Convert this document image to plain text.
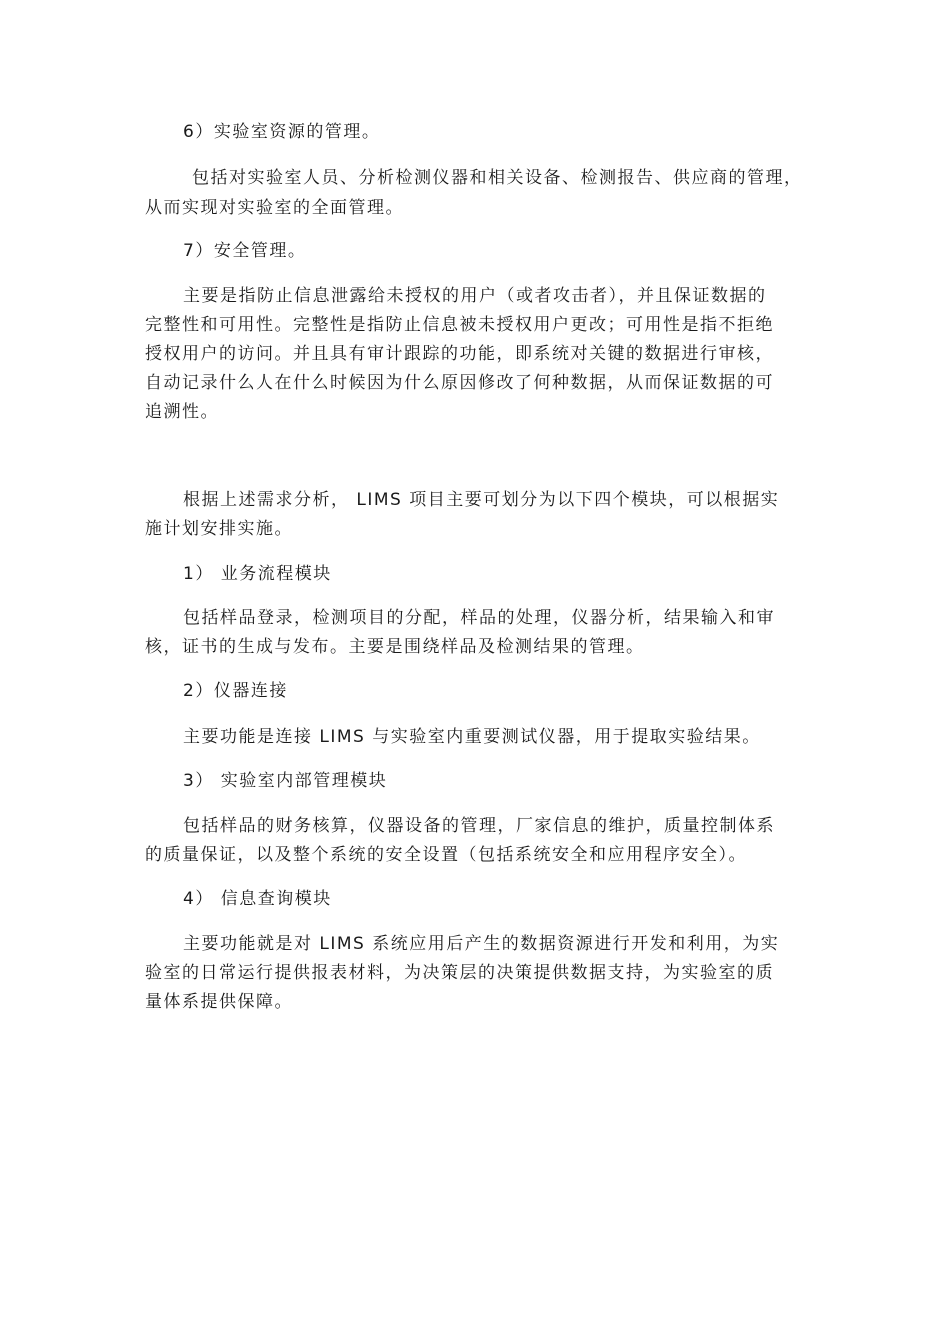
6）实验室资源的管理。
包括对实验室人员、分析检测仪器和相关设备、检测报告、供应商的管理，
从而实现对实验室的全面管理。
7）安全管理。
主要是指防止信息泄露给未授权的用户（或者攻击者），并且保证数据的
完整性和可用性。完整性是指防止信息被未授权用户更改；可用性是指不拒绝
授权用户的访问。并且具有审计跟踪的功能，即系统对关键的数据进行审核，
自动记录什么人在什么时候因为什么原因修改了何种数据，从而保证数据的可
追溯性。
根据上述需求分析， LIMS 项目主要可划分为以下四个模块，可以根据实
施计划安排实施。
1） 业务流程模块
包括样品登录，检测项目的分配，样品的处理，仪器分析，结果输入和审
核，证书的生成与发布。主要是围绕样品及检测结果的管理。
2）仪器连接
主要功能是连接 LIMS 与实验室内重要测试仪器，用于提取实验结果。
3） 实验室内部管理模块
包括样品的财务核算，仪器设备的管理，厂家信息的维护，质量控制体系
的质量保证，以及整个系统的安全设置（包括系统安全和应用程序安全）。
4） 信息查询模块
主要功能就是对 LIMS 系统应用后产生的数据资源进行开发和利用，为实
验室的日常运行提供报表材料，为决策层的决策提供数据支持，为实验室的质
量体系提供保障。
